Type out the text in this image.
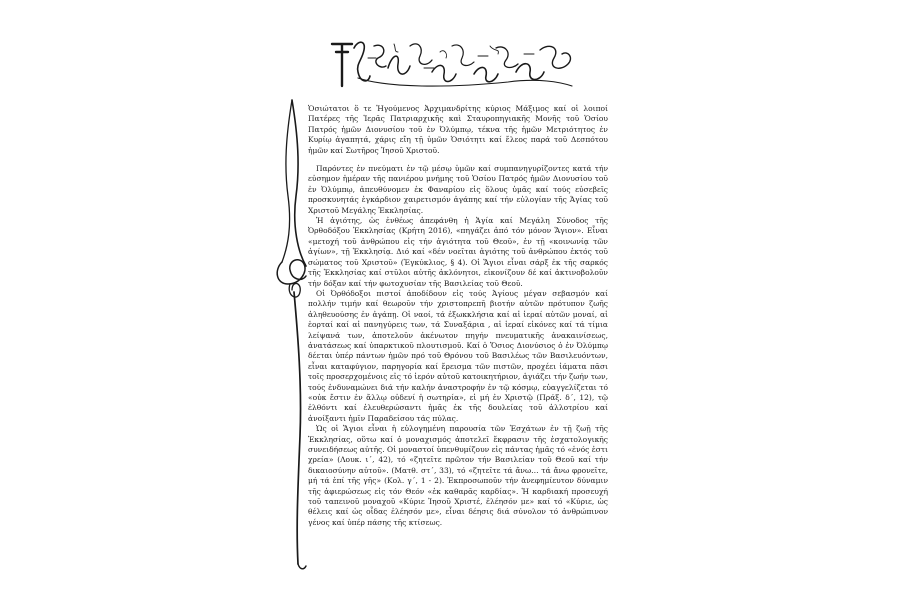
Ὁσιώτατοι ὅ τε Ἡγούμενος Ἀρχιμανδρίτης κύριος Μάξιμος καί οἱ λοιποί Πατέρες τῆς Ἱερᾶς Πατριαρχικῆς καὶ Σταυροπηγιακῆς Μονῆς τοῦ Ὁσίου Πατρός ἡμῶν Διονυσίου τοῦ ἐν Ὀλύμπῳ, τέκνα τῆς ἡμῶν Μετριότητος ἐν Κυρίῳ ἀγαπητά, χάρις εἴη τῇ ὑμῶν Ὁσιότητι καί ἔλεος παρά τοῦ Δεσπότου ἡμῶν καί Σωτῆρος Ἰησοῦ Χριστοῦ.

Παρόντες ἐν πνεύματι ἐν τῷ μέσῳ ὑμῶν καί συμπανηγυρίζοντες κατά τήν εὐσημον ἡμέραν τῆς πανιέρου μνήμης τοῦ Ὁσίου Πατρός ἡμῶν Διονυσίου τοῦ ἐν Ὀλύμπῳ, ἀπευθύνομεν ἐκ Φαναρίου εἰς ὅλους ὑμᾶς καί τούς εὐσεβεῖς προσκυνητάς ἐγκάρδιον χαιρετισμόν ἀγάπης καί τήν εὐλογίαν τῆς Ἁγίας τοῦ Χριστοῦ Μεγάλης Ἐκκλησίας.

Ἡ ἁγιότης, ὡς ἐνθέως ἀπεφάνθη ἡ Ἁγία καί Μεγάλη Σύνοδος τῆς Ὀρθοδόξου Ἐκκλησίας (Κρήτη 2016), «πηγάζει ἀπό τόν μόνον Ἅγιον». Εἶναι «μετοχή τοῦ ἀνθρώπου εἰς τήν ἁγιότητα τοῦ Θεοῦ», ἐν τῇ «κοινωνίᾳ τῶν ἁγίων», τῇ Ἐκκλησίᾳ. Διό καί «δέν νοεῖται ἁγιότης τοῦ ἀνθρώπου ἐκτός τοῦ σώματος τοῦ Χριστοῦ» (Ἐγκύκλιος, § 4). Οἱ Ἅγιοι εἶναι σάρξ ἐκ τῆς σαρκός τῆς Ἐκκλησίας καί στῦλοι αὐτῆς ἀκλόνητοι, εἰκονίζουν δέ καί ἀκτινοβολοῦν τήν δόξαν καί τήν φωτοχυσίαν τῆς Βασιλείας τοῦ Θεοῦ.

Οἱ Ὀρθόδοξοι πιστοί ἀποδίδουν εἰς τούς Ἁγίους μέγαν σεβασμόν καί πολλήν τιμήν καί θεωροῦν τήν χριστοπρεπῆ βιοτήν αὐτῶν πρότυπον ζωῆς ἀληθευούσης ἐν ἀγάπῃ. Οἱ ναοί, τά ἐξωκκλήσια καί αἱ ἱεραί αὐτῶν μοναί, αἱ ἑορταί καί αἱ πανηγύρεις των, τά Συναξάρια , αἱ ἱεραί εἰκόνες καί τά τίμια λείψανά των, ἀποτελοῦν ἀκένωτον πηγήν πνευματικῆς ἀνακαινίσεως, ἀνατάσεως καί ὑπαρκτικοῦ πλουτισμοῦ. Καί ὁ Ὅσιος Διονύσιος ὁ ἐν Ὀλύμπῳ δέεται ὑπέρ πάντων ἡμῶν πρό τοῦ Θρόνου τοῦ Βασιλέως τῶν Βασιλευόντων, εἶναι καταφύγιον, παρηγορία καί ἔρεισμα τῶν πιστῶν, προχέει ἰάματα πᾶσι τοῖς προσερχομένοις εἰς τό ἱερόν αὐτοῦ κατοικητήριον, ἁγιάζει τήν ζωήν των, τούς ἐνδυναμώνει διά τήν καλήν ἀναστροφήν ἐν τῷ κόσμῳ, εὐαγγελίζεται τό «οὐκ ἔστιν ἐν ἄλλῳ οὐδενί ἡ σωτηρία», εἰ μή ἐν Χριστῷ (Πράξ. δ΄, 12), τῷ ἐλθόντι καί ἐλευθερώσαντι ἡμᾶς ἐκ τῆς δουλείας τοῦ ἀλλοτρίου καί ἀνοίξαντι ἡμῖν Παραδείσου τάς πύλας.

Ὡς οἱ Ἅγιοι εἶναι ἡ εὐλογημένη παρουσία τῶν Ἐσχάτων ἐν τῇ ζωῇ τῆς Ἐκκλησίας, οὕτω καί ὁ μοναχισμός ἀποτελεῖ ἔκφρασιν τῆς ἐσχατολογικῆς συνειδήσεως αὐτῆς. Οἱ μοναστοί ὑπενθυμίζουν εἰς πάντας ἡμᾶς τό «ἑνός ἐστι χρεία» (Λουκ. ι΄, 42), τό «ζητεῖτε πρῶτον τήν Βασιλείαν τοῦ Θεοῦ καί τήν δικαιοσύνην αὐτοῦ». (Ματθ. στ΄, 33), τό «ζητεῖτε τά ἄνω… τά ἄνω φρονεῖτε, μή τά ἐπί τῆς γῆς» (Κολ. γ΄, 1 - 2). Ἐκπροσωποῦν τήν ἀνεφημίευτον δύναμιν τῆς ἀφιερώσεως εἰς τόν Θεόν «ἐκ καθαρᾶς καρδίας». Ἡ καρδιακή προσευχή τοῦ ταπεινοῦ μοναχοῦ «Κύριε Ἰησοῦ Χριστέ, ἐλέησόν με» καί τό «Κύριε, ὡς θέλεις καί ὡς οἶδας ἐλέησόν με», εἶναι δέησις διά σύνολον τό ἀνθρώπινον γένος καί ὑπέρ πάσης τῆς κτίσεως.
